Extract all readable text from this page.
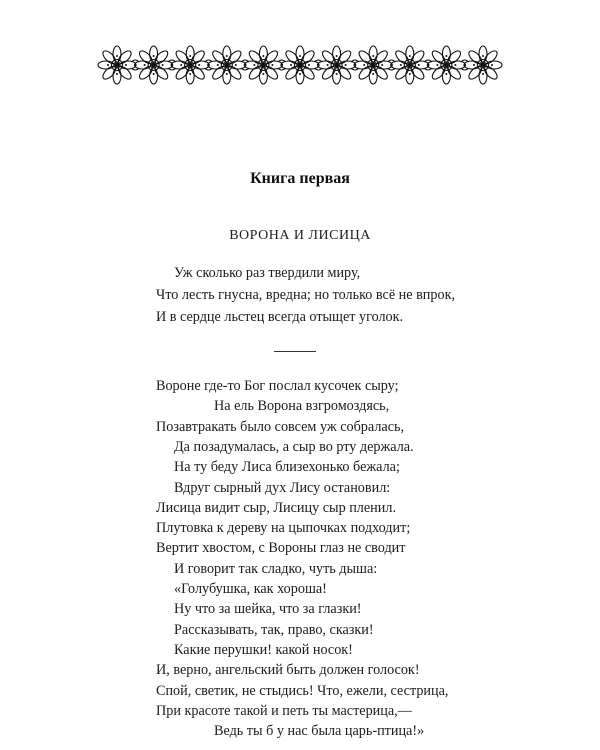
Книга первая
ВОРОНА И ЛИСИЦА
Уж сколько раз твердили миру,
Что лесть гнусна, вредна; но только всё не впрок,
И в сердце льстец всегда отыщет уголок.
Вороне где-то Бог послал кусочек сыру;
На ель Ворона взгромоздясь,
Позавтракать было совсем уж собралась,
Да позадумалась, а сыр во рту держала.
На ту беду Лиса близехонько бежала;
Вдруг сырный дух Лису остановил:
Лисица видит сыр, Лисицу сыр пленил.
Плутовка к дереву на цыпочках подходит;
Вертит хвостом, с Вороны глаз не сводит
И говорит так сладко, чуть дыша:
«Голубушка, как хороша!
Ну что за шейка, что за глазки!
Рассказывать, так, право, сказки!
Какие перушки! какой носок!
И, верно, ангельский быть должен голосок!
Спой, светик, не стыдись! Что, ежели, сестрица,
При красоте такой и петь ты мастерица,—
Ведь ты б у нас была царь-птица!»
